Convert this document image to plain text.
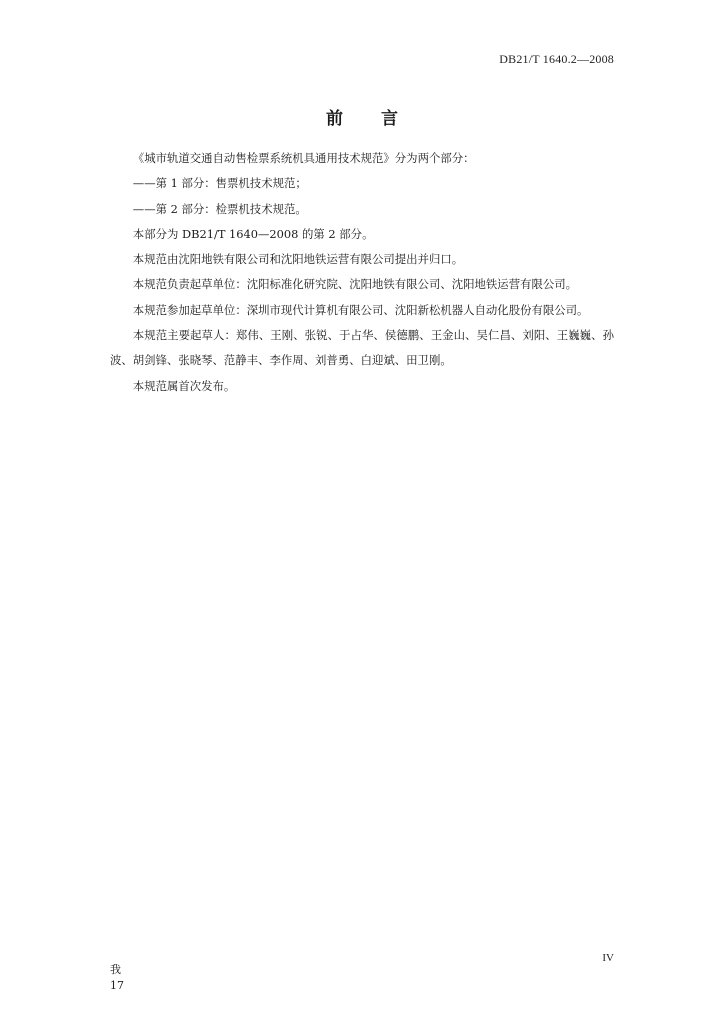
DB21/T 1640.2—2008
前 言

《城市轨道交通自动售检票系统机具通用技术规范》分为两个部分：

——第 1 部分：售票机技术规范；

——第 2 部分：检票机技术规范。

本部分为 DB21/T 1640—2008 的第 2 部分。

本规范由沈阳地铁有限公司和沈阳地铁运营有限公司提出并归口。

本规范负责起草单位：沈阳标准化研究院、沈阳地铁有限公司、沈阳地铁运营有限公司。

本规范参加起草单位：深圳市现代计算机有限公司、沈阳新松机器人自动化股份有限公司。

本规范主要起草人：郑伟、王刚、张锐、于占华、侯德鹏、王金山、吴仁昌、刘阳、王巍巍、孙波、胡剑锋、张晓琴、范静丰、李作周、刘普勇、白迎斌、田卫刚。

本规范属首次发布。

IV
我
17
